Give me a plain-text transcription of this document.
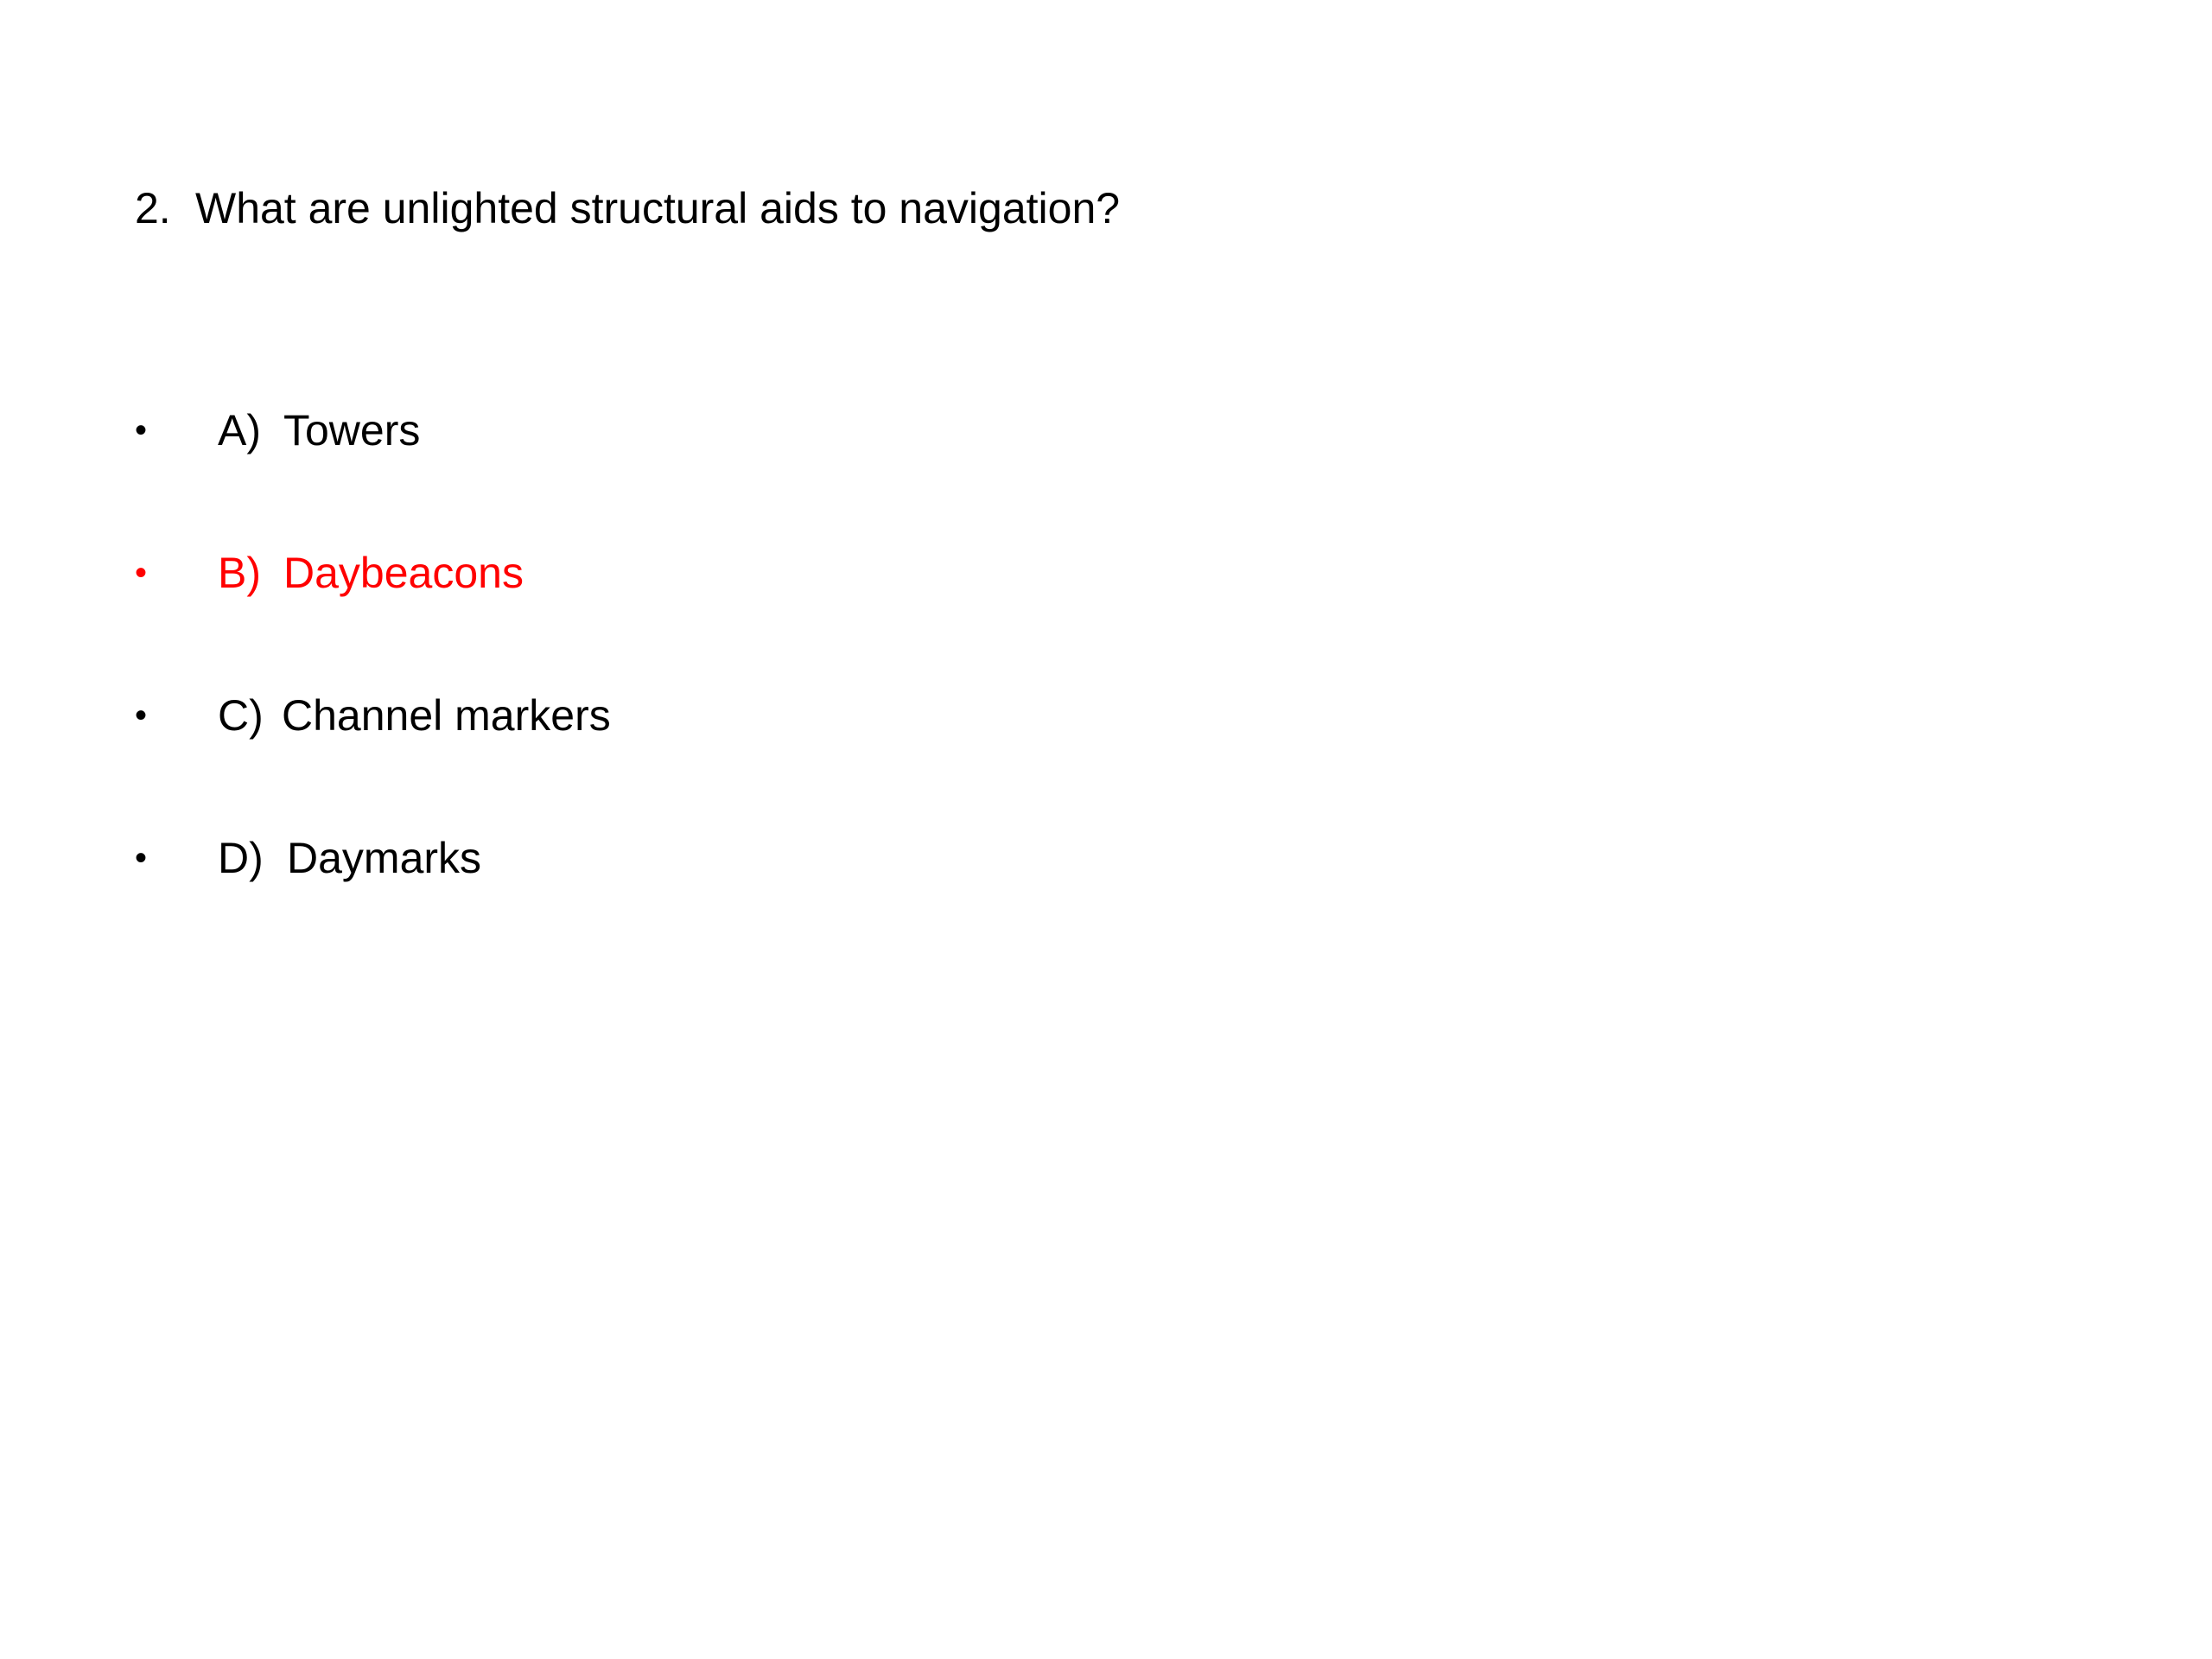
2. What are unlighted structural aids to navigation?
• A) Towers
• B) Daybeacons
• C) Channel markers
• D) Daymarks
